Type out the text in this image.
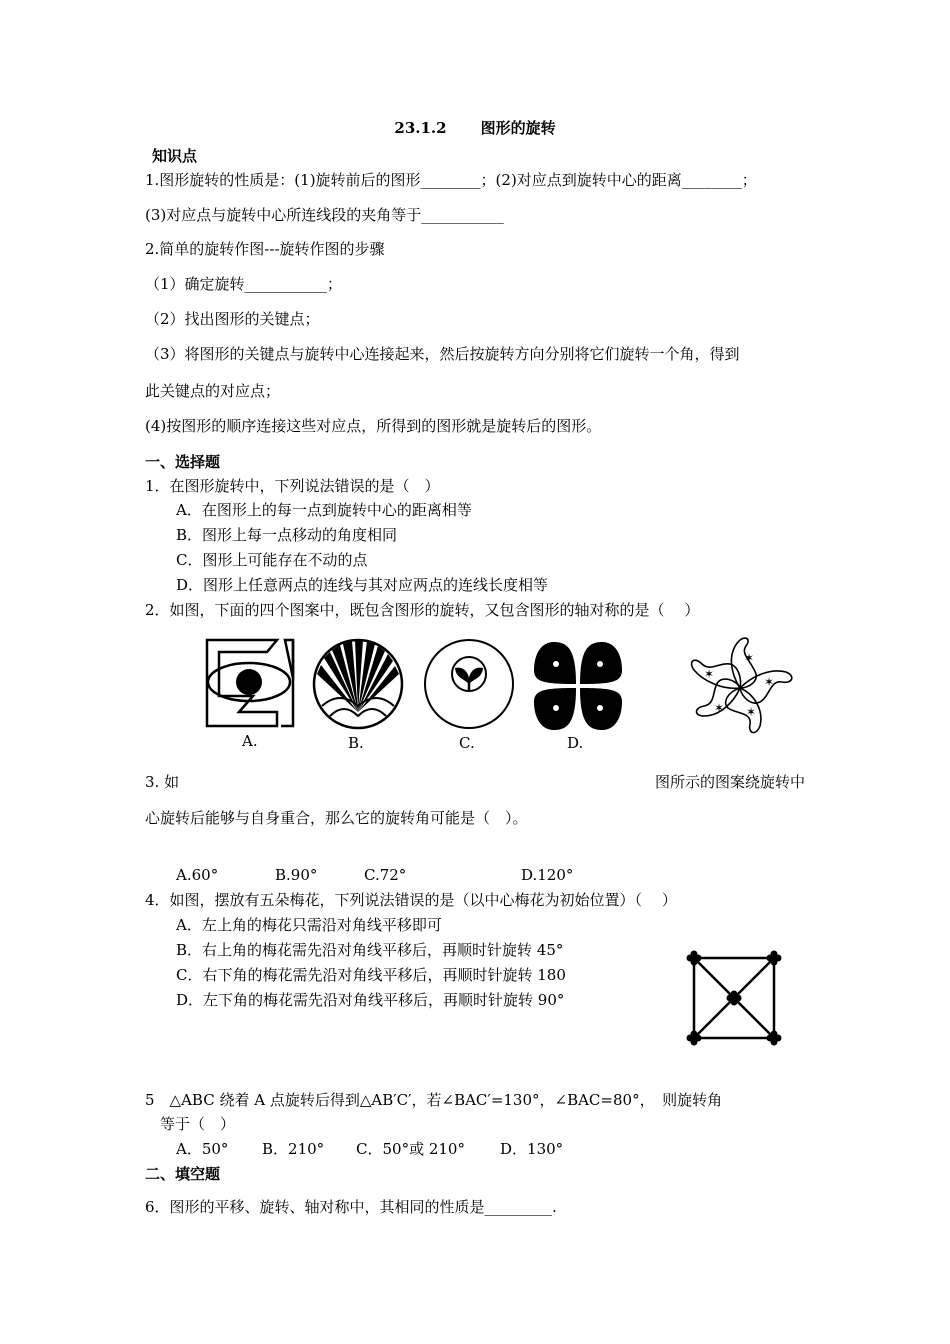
23.1.2 图形的旋转
知识点
1.图形旋转的性质是：(1)旋转前后的图形________；(2)对应点到旋转中心的距离________；
(3)对应点与旋转中心所连线段的夹角等于___________
2.简单的旋转作图---旋转作图的步骤
（1）确定旋转___________；
（2）找出图形的关键点；
（3）将图形的关键点与旋转中心连接起来，然后按旋转方向分别将它们旋转一个角，得到
此关键点的对应点；
(4)按图形的顺序连接这些对应点，所得到的图形就是旋转后的图形。
一、选择题
1．在图形旋转中，下列说法错误的是（　）
A．在图形上的每一点到旋转中心的距离相等
B．图形上每一点移动的角度相同
C．图形上可能存在不动的点
D．图形上任意两点的连线与其对应两点的连线长度相等
2．如图，下面的四个图案中，既包含图形的旋转，又包含图形的轴对称的是（　 ）
A.	B.	C.	D.
✶
✶
✶
✶
✶
3. 如	图所示的图案绕旋转中
心旋转后能够与自身重合，那么它的旋转角可能是（　）。
A.60°	B.90°	C.72°	D.120°
4．如图，摆放有五朵梅花，下列说法错误的是（以中心梅花为初始位置）（　 ）
A．左上角的梅花只需沿对角线平移即可
B．右上角的梅花需先沿对角线平移后，再顺时针旋转 45°
C．右下角的梅花需先沿对角线平移后，再顺时针旋转 180
D．左下角的梅花需先沿对角线平移后，再顺时针旋转 90°
5　△ABC 绕着 A 点旋转后得到△AB′C′，若∠BAC′=130°，∠BAC=80°，　则旋转角
等于（　）
A．50° B．210° C．50°或 210° D．130°
二、填空题
6．图形的平移、旋转、轴对称中，其相同的性质是_________.
